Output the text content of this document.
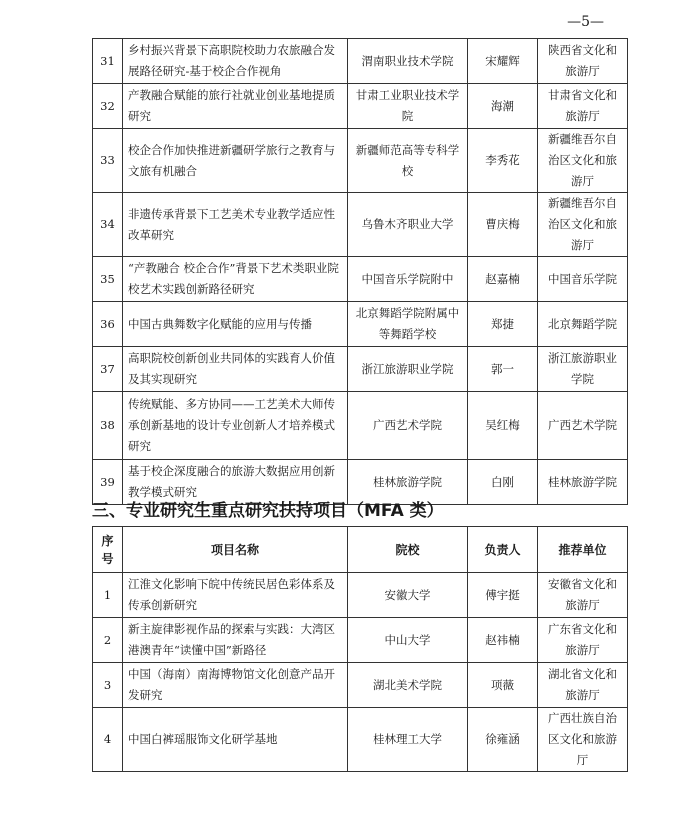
—5—
31	乡村振兴背景下高职院校助力农旅融合发展路径研究-基于校企合作视角	渭南职业技术学院	宋耀辉	陕西省文化和旅游厅
32	产教融合赋能的旅行社就业创业基地提质研究	甘肃工业职业技术学院	海潮	甘肃省文化和旅游厅
33	校企合作加快推进新疆研学旅行之教育与文旅有机融合	新疆师范高等专科学校	李秀花	新疆维吾尔自治区文化和旅游厅
34	非遗传承背景下工艺美术专业教学适应性改革研究	乌鲁木齐职业大学	曹庆梅	新疆维吾尔自治区文化和旅游厅
35	“产教融合 校企合作”背景下艺术类职业院校艺术实践创新路径研究	中国音乐学院附中	赵嘉楠	中国音乐学院
36	中国古典舞数字化赋能的应用与传播	北京舞蹈学院附属中等舞蹈学校	郑捷	北京舞蹈学院
37	高职院校创新创业共同体的实践育人价值及其实现研究	浙江旅游职业学院	郭一	浙江旅游职业学院
38	传统赋能、多方协同——工艺美术大师传承创新基地的设计专业创新人才培养模式研究	广西艺术学院	吴红梅	广西艺术学院
39	基于校企深度融合的旅游大数据应用创新教学模式研究	桂林旅游学院	白刚	桂林旅游学院
三、专业研究生重点研究扶持项目（MFA 类）
序号	项目名称	院校	负责人	推荐单位
1	江淮文化影响下皖中传统民居色彩体系及传承创新研究	安徽大学	傅宇挺	安徽省文化和旅游厅
2	新主旋律影视作品的探索与实践：大湾区港澳青年“读懂中国”新路径	中山大学	赵祎楠	广东省文化和旅游厅
3	中国（海南）南海博物馆文化创意产品开发研究	湖北美术学院	项薇	湖北省文化和旅游厅
4	中国白裤瑶服饰文化研学基地	桂林理工大学	徐雍涵	广西壮族自治区文化和旅游厅
